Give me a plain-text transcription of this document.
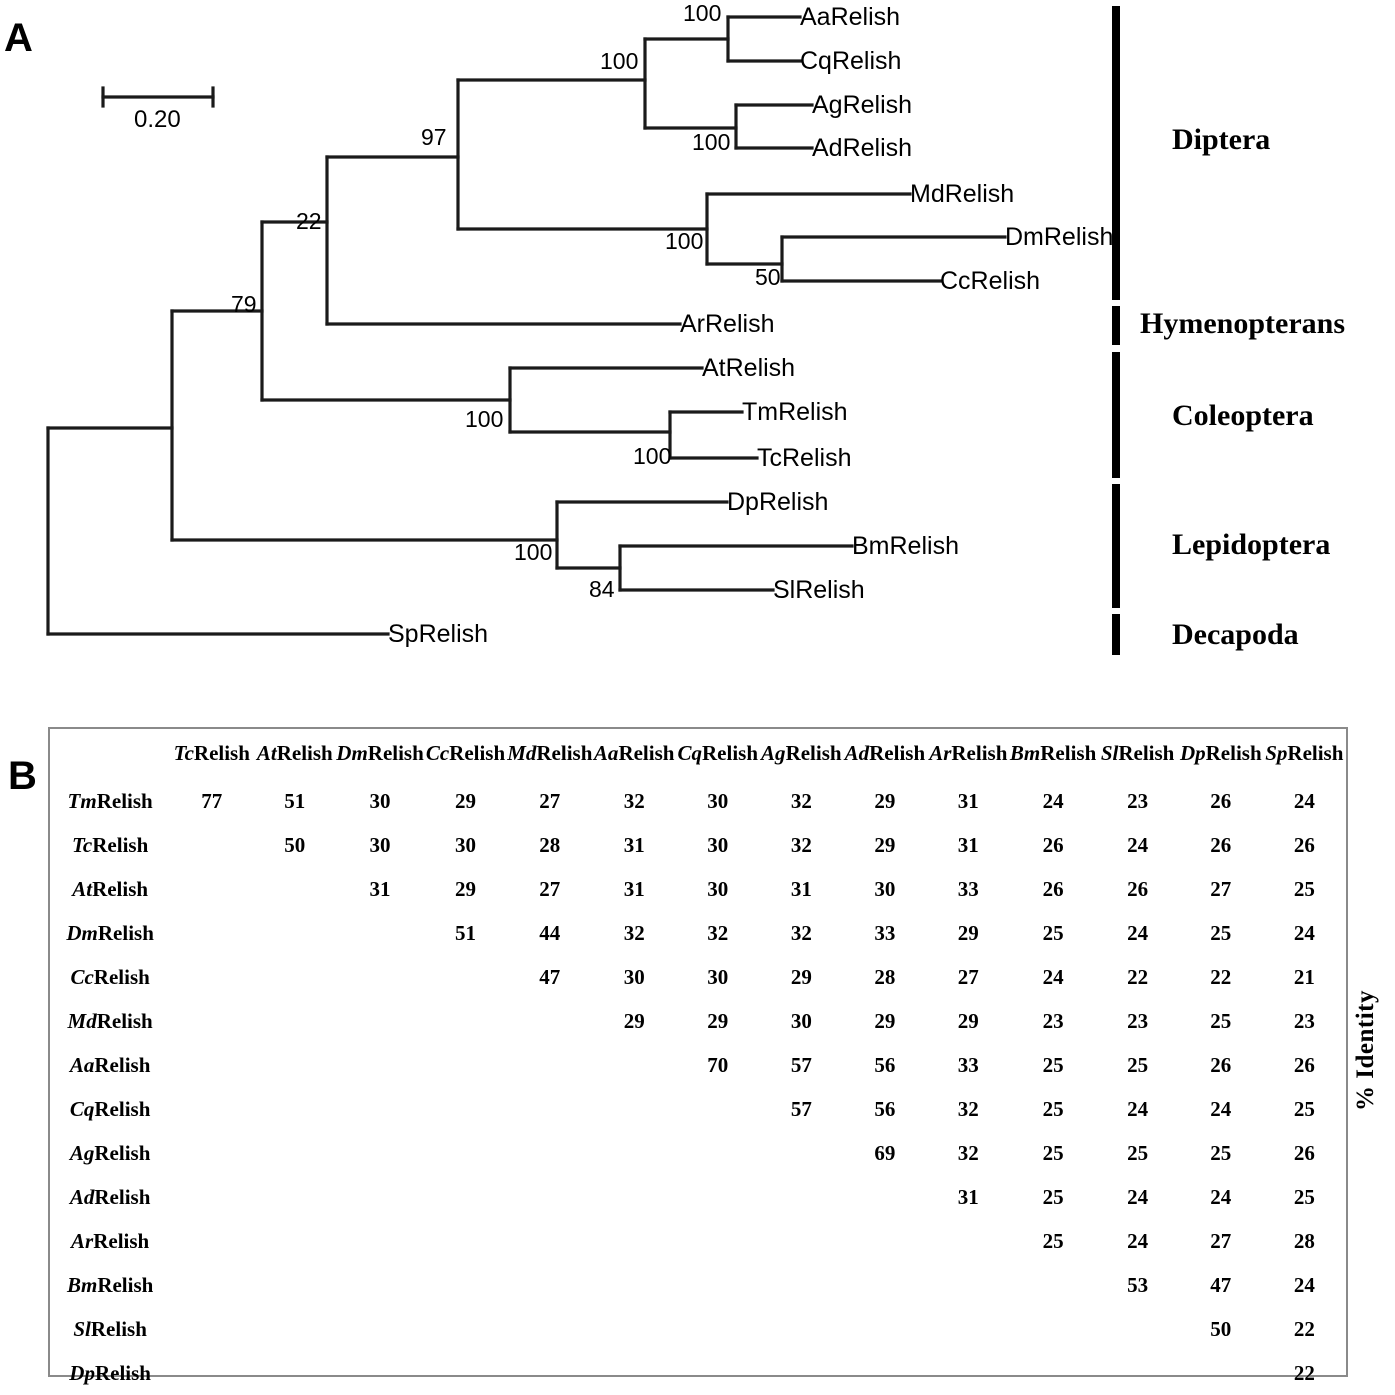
A
0.20
AaRelish
CqRelish
AgRelish
AdRelish
MdRelish
DmRelish
CcRelish
ArRelish
AtRelish
TmRelish
TcRelish
DpRelish
BmRelish
SlRelish
SpRelish
100
100
100
97
100
50
22
79
100
100
100
84
Diptera
Hymenopterans
Coleoptera
Lepidoptera
Decapoda
B
	TcRelish	AtRelish	DmRelish	CcRelish	MdRelish	AaRelish	CqRelish	AgRelish	AdRelish	ArRelish	BmRelish	SlRelish	DpRelish	SpRelish
TmRelish	77	51	30	29	27	32	30	32	29	31	24	23	26	24
TcRelish		50	30	30	28	31	30	32	29	31	26	24	26	26
AtRelish			31	29	27	31	30	31	30	33	26	26	27	25
DmRelish				51	44	32	32	32	33	29	25	24	25	24
CcRelish					47	30	30	29	28	27	24	22	22	21
MdRelish						29	29	30	29	29	23	23	25	23
AaRelish							70	57	56	33	25	25	26	26
CqRelish								57	56	32	25	24	24	25
AgRelish									69	32	25	25	25	26
AdRelish										31	25	24	24	25
ArRelish											25	24	27	28
BmRelish												53	47	24
SlRelish													50	22
DpRelish														22
% Identity
